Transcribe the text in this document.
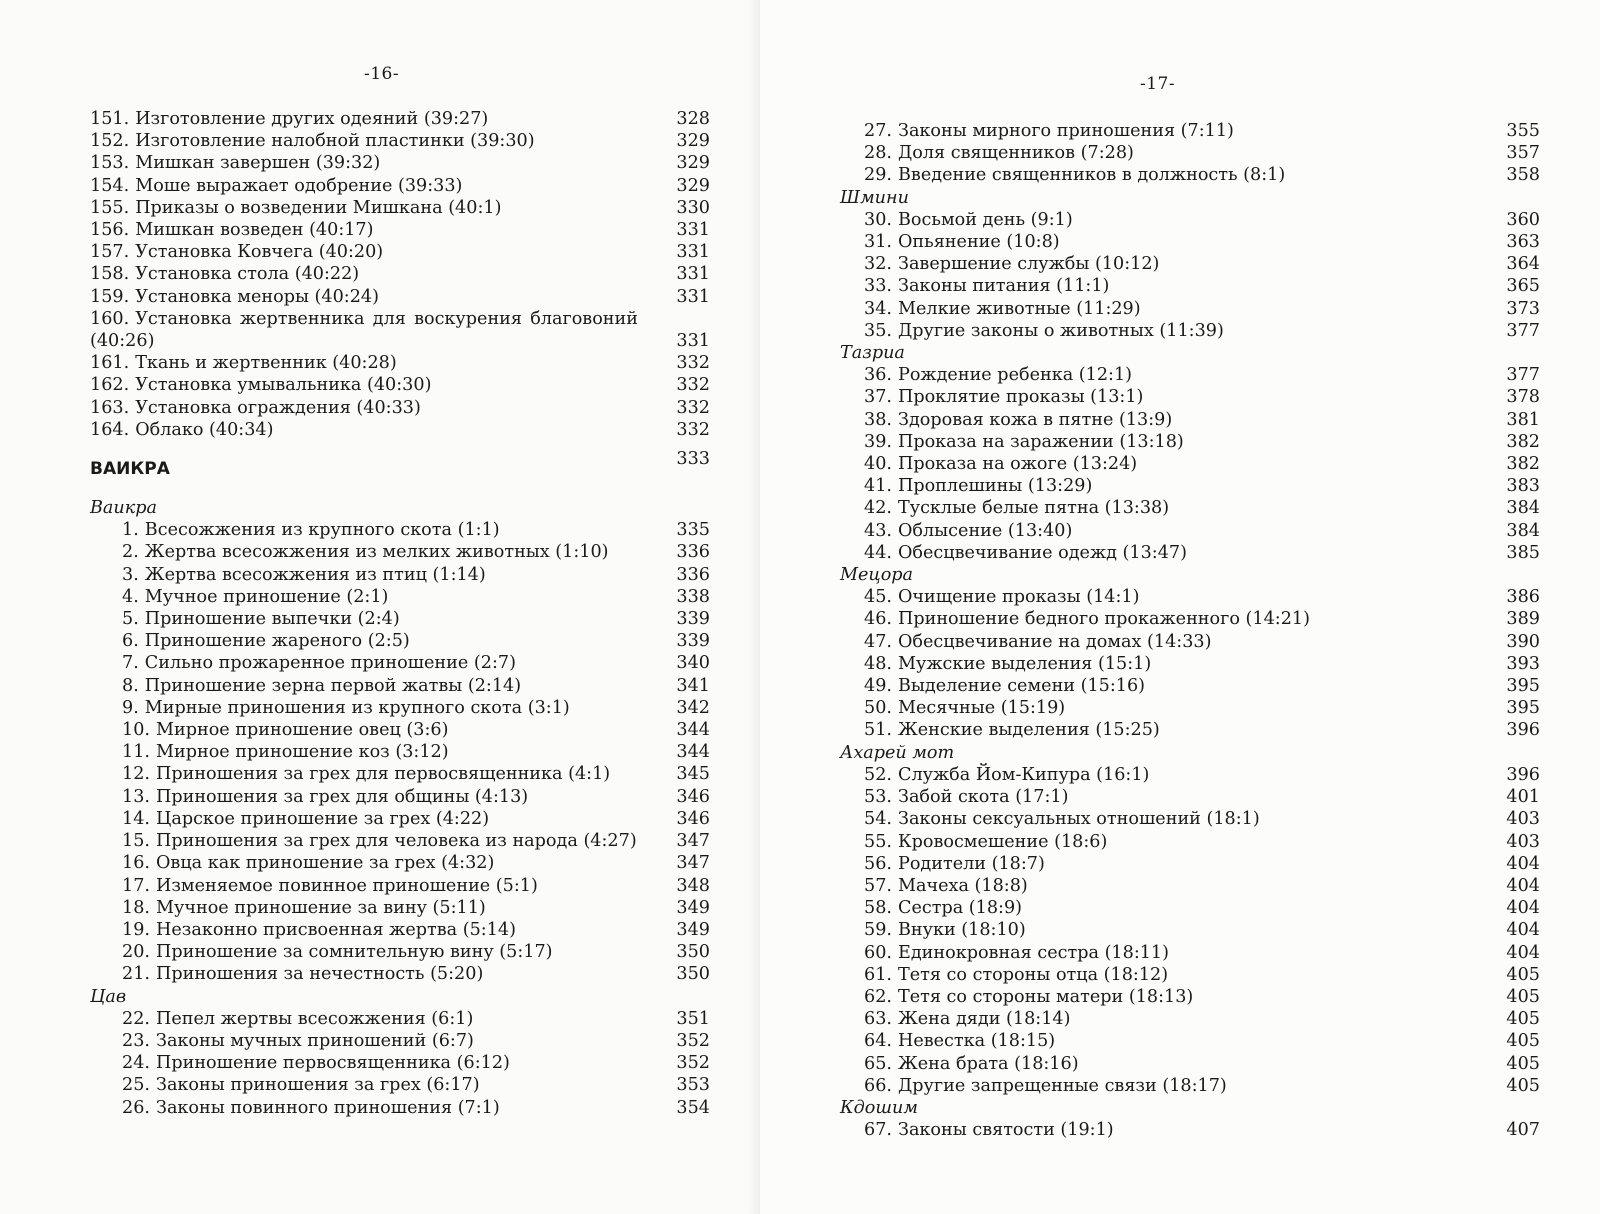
-16-
151. Изготовление других одеяний (39:27)	328
152. Изготовление налобной пластинки (39:30)	329
153. Мишкан завершен (39:32)	329
154. Моше выражает одобрение (39:33)	329
155. Приказы о возведении Мишкана (40:1)	330
156. Мишкан возведен (40:17)	331
157. Установка Ковчега (40:20)	331
158. Установка стола (40:22)	331
159. Установка меноры (40:24)	331
160. Установка жертвенника для воскурения благовоний (40:26)	331
161. Ткань и жертвенник (40:28)	332
162. Установка умывальника (40:30)	332
163. Установка ограждения (40:33)	332
164. Облако (40:34)	332
ВАИКРА	333
Ваикра
1. Всесожжения из крупного скота (1:1)	335
2. Жертва всесожжения из мелких животных (1:10)	336
3. Жертва всесожжения из птиц (1:14)	336
4. Мучное приношение (2:1)	338
5. Приношение выпечки (2:4)	339
6. Приношение жареного (2:5)	339
7. Сильно прожаренное приношение (2:7)	340
8. Приношение зерна первой жатвы (2:14)	341
9. Мирные приношения из крупного скота (3:1)	342
10. Мирное приношение овец (3:6)	344
11. Мирное приношение коз (3:12)	344
12. Приношения за грех для первосвященника (4:1)	345
13. Приношения за грех для общины (4:13)	346
14. Царское приношение за грех (4:22)	346
15. Приношения за грех для человека из народа (4:27)	347
16. Овца как приношение за грех (4:32)	347
17. Изменяемое повинное приношение (5:1)	348
18. Мучное приношение за вину (5:11)	349
19. Незаконно присвоенная жертва (5:14)	349
20. Приношение за сомнительную вину (5:17)	350
21. Приношения за нечестность (5:20)	350
Цав
22. Пепел жертвы всесожжения (6:1)	351
23. Законы мучных приношений (6:7)	352
24. Приношение первосвященника (6:12)	352
25. Законы приношения за грех (6:17)	353
26. Законы повинного приношения (7:1)	354
-17-
27. Законы мирного приношения (7:11)	355
28. Доля священников (7:28)	357
29. Введение священников в должность (8:1)	358
Шмини
30. Восьмой день (9:1)	360
31. Опьянение (10:8)	363
32. Завершение службы (10:12)	364
33. Законы питания (11:1)	365
34. Мелкие животные (11:29)	373
35. Другие законы о животных (11:39)	377
Тазриа
36. Рождение ребенка (12:1)	377
37. Проклятие проказы (13:1)	378
38. Здоровая кожа в пятне (13:9)	381
39. Проказа на заражении (13:18)	382
40. Проказа на ожоге (13:24)	382
41. Проплешины (13:29)	383
42. Тусклые белые пятна (13:38)	384
43. Облысение (13:40)	384
44. Обесцвечивание одежд (13:47)	385
Мецора
45. Очищение проказы (14:1)	386
46. Приношение бедного прокаженного (14:21)	389
47. Обесцвечивание на домах (14:33)	390
48. Мужские выделения (15:1)	393
49. Выделение семени (15:16)	395
50. Месячные (15:19)	395
51. Женские выделения (15:25)	396
Ахарей мот
52. Служба Йом-Кипура (16:1)	396
53. Забой скота (17:1)	401
54. Законы сексуальных отношений (18:1)	403
55. Кровосмешение (18:6)	403
56. Родители (18:7)	404
57. Мачеха (18:8)	404
58. Сестра (18:9)	404
59. Внуки (18:10)	404
60. Единокровная сестра (18:11)	404
61. Тетя со стороны отца (18:12)	405
62. Тетя со стороны матери (18:13)	405
63. Жена дяди (18:14)	405
64. Невестка (18:15)	405
65. Жена брата (18:16)	405
66. Другие запрещенные связи (18:17)	405
Кдошим
67. Законы святости (19:1)	407
